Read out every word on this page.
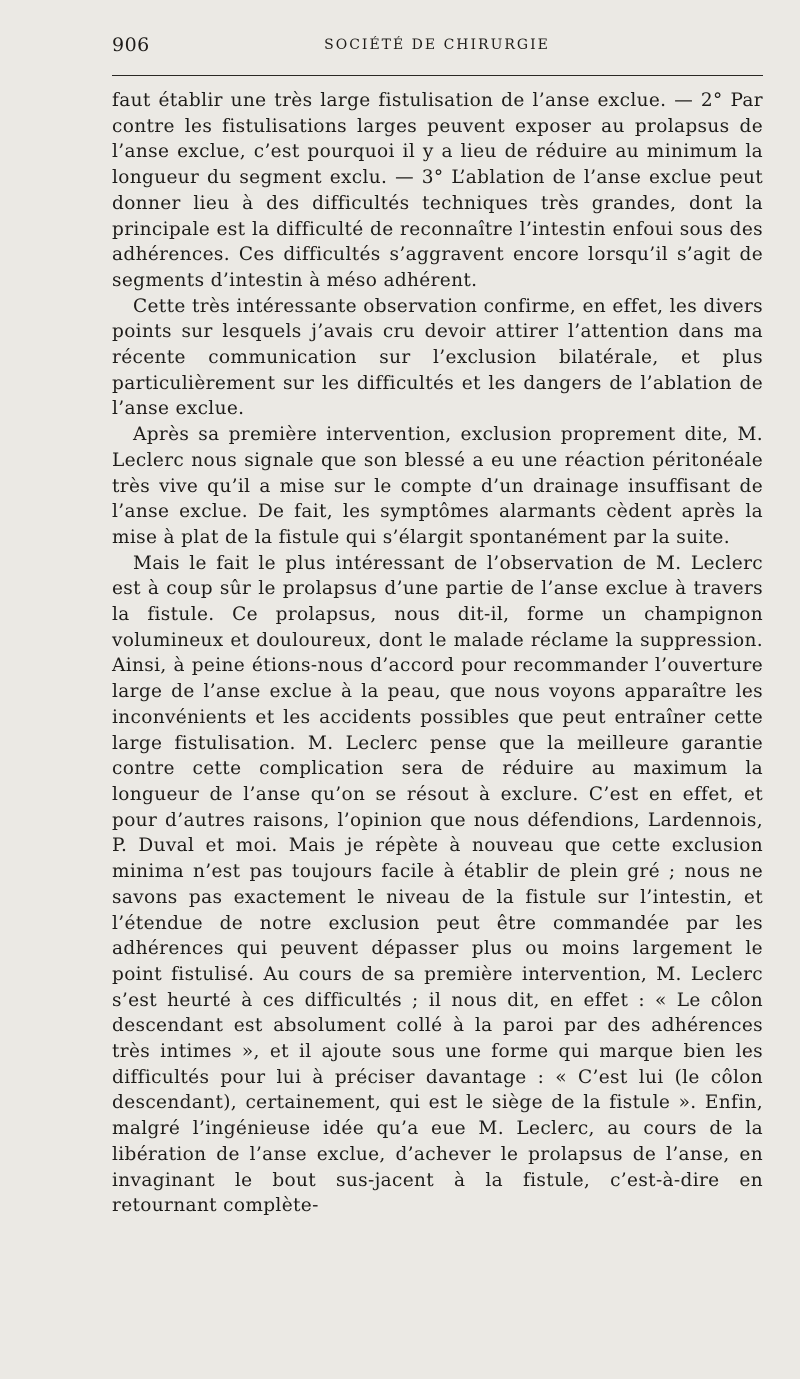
906	SOCIÉTÉ DE CHIRURGIE

faut établir une très large fistulisation de l’anse exclue. — 2° Par contre les fistulisations larges peuvent exposer au prolapsus de l’anse exclue, c’est pourquoi il y a lieu de réduire au minimum la longueur du segment exclu. — 3° L’ablation de l’anse exclue peut donner lieu à des difficultés techniques très grandes, dont la principale est la difficulté de reconnaître l’intestin enfoui sous des adhérences. Ces difficultés s’aggravent encore lorsqu’il s’agit de segments d’intestin à méso adhérent.

Cette très intéressante observation confirme, en effet, les divers points sur lesquels j’avais cru devoir attirer l’attention dans ma récente communication sur l’exclusion bilatérale, et plus particulièrement sur les difficultés et les dangers de l’ablation de l’anse exclue.

Après sa première intervention, exclusion proprement dite, M. Leclerc nous signale que son blessé a eu une réaction péritonéale très vive qu’il a mise sur le compte d’un drainage insuffisant de l’anse exclue. De fait, les symptômes alarmants cèdent après la mise à plat de la fistule qui s’élargit spontanément par la suite.

Mais le fait le plus intéressant de l’observation de M. Leclerc est à coup sûr le prolapsus d’une partie de l’anse exclue à travers la fistule. Ce prolapsus, nous dit-il, forme un champignon volumineux et douloureux, dont le malade réclame la suppression. Ainsi, à peine étions-nous d’accord pour recommander l’ouverture large de l’anse exclue à la peau, que nous voyons apparaître les inconvénients et les accidents possibles que peut entraîner cette large fistulisation. M. Leclerc pense que la meilleure garantie contre cette complication sera de réduire au maximum la longueur de l’anse qu’on se résout à exclure. C’est en effet, et pour d’autres raisons, l’opinion que nous défendions, Lardennois, P. Duval et moi. Mais je répète à nouveau que cette exclusion minima n’est pas toujours facile à établir de plein gré ; nous ne savons pas exactement le niveau de la fistule sur l’intestin, et l’étendue de notre exclusion peut être commandée par les adhérences qui peuvent dépasser plus ou moins largement le point fistulisé. Au cours de sa première intervention, M. Leclerc s’est heurté à ces difficultés ; il nous dit, en effet : « Le côlon descendant est absolument collé à la paroi par des adhérences très intimes », et il ajoute sous une forme qui marque bien les difficultés pour lui à préciser davantage : « C’est lui (le côlon descendant), certainement, qui est le siège de la fistule ». Enfin, malgré l’ingénieuse idée qu’a eue M. Leclerc, au cours de la libération de l’anse exclue, d’achever le prolapsus de l’anse, en invaginant le bout sus-jacent à la fistule, c’est-à-dire en retournant complète-
